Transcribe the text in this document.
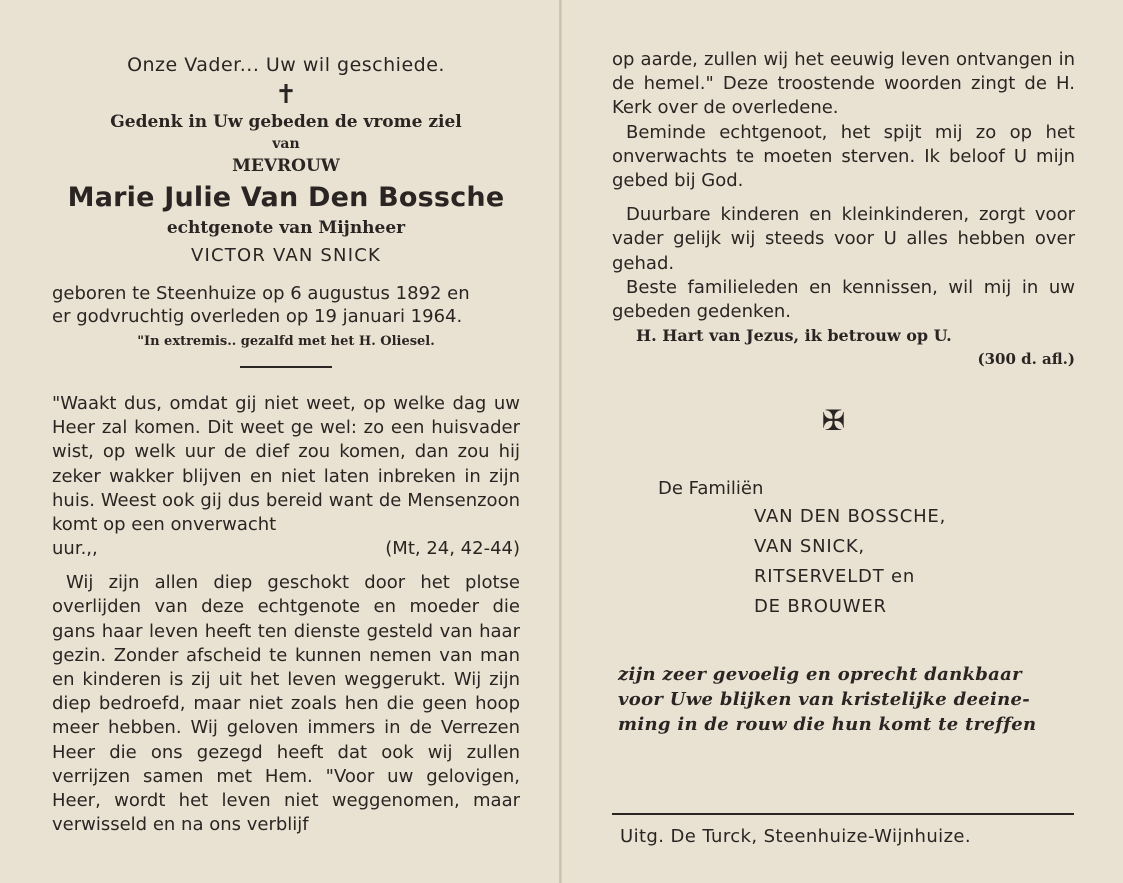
Onze Vader... Uw wil geschiede.
✝
Gedenk in Uw gebeden de vrome ziel
van
MEVROUW
Marie Julie Van Den Bossche
echtgenote van Mijnheer
VICTOR VAN SNICK
geboren te Steenhuize op 6 augustus 1892 en
er godvruchtig overleden op 19 januari 1964.
"In extremis.. gezalfd met het H. Oliesel.

"Waakt dus, omdat gij niet weet, op welke dag uw Heer zal komen. Dit weet ge wel: zo een huisvader wist, op welk uur de dief zou komen, dan zou hij zeker wakker blijven en niet laten inbreken in zijn huis. Weest ook gij dus bereid want de Mensenzoon komt op een onverwacht

uur.,,	(Mt, 24, 42-44)

Wij zijn allen diep geschokt door het plotse overlijden van deze echtgenote en moeder die gans haar leven heeft ten dienste gesteld van haar gezin. Zonder afscheid te kunnen nemen van man en kinderen is zij uit het leven weggerukt. Wij zijn diep bedroefd, maar niet zoals hen die geen hoop meer hebben. Wij geloven immers in de Verrezen Heer die ons gezegd heeft dat ook wij zullen verrijzen samen met Hem. "Voor uw gelovigen, Heer, wordt het leven niet weggenomen, maar verwisseld en na ons verblijf

op aarde, zullen wij het eeuwig leven ontvangen in de hemel." Deze troostende woorden zingt de H. Kerk over de overledene.

Beminde echtgenoot, het spijt mij zo op het onverwachts te moeten sterven. Ik beloof U mijn gebed bij God.

Duurbare kinderen en kleinkinderen, zorgt voor vader gelijk wij steeds voor U alles hebben over gehad.

Beste familieleden en kennissen, wil mij in uw gebeden gedenken.

H. Hart van Jezus, ik betrouw op U.
(300 d. afl.)
✠
De Familiën
VAN DEN BOSSCHE,
VAN SNICK,
RITSERVELDT en
DE BROUWER
zijn zeer gevoelig en oprecht dankbaar
voor Uwe blijken van kristelijke deeine-
ming in de rouw die hun komt te treffen
Uitg. De Turck, Steenhuize-Wijnhuize.
